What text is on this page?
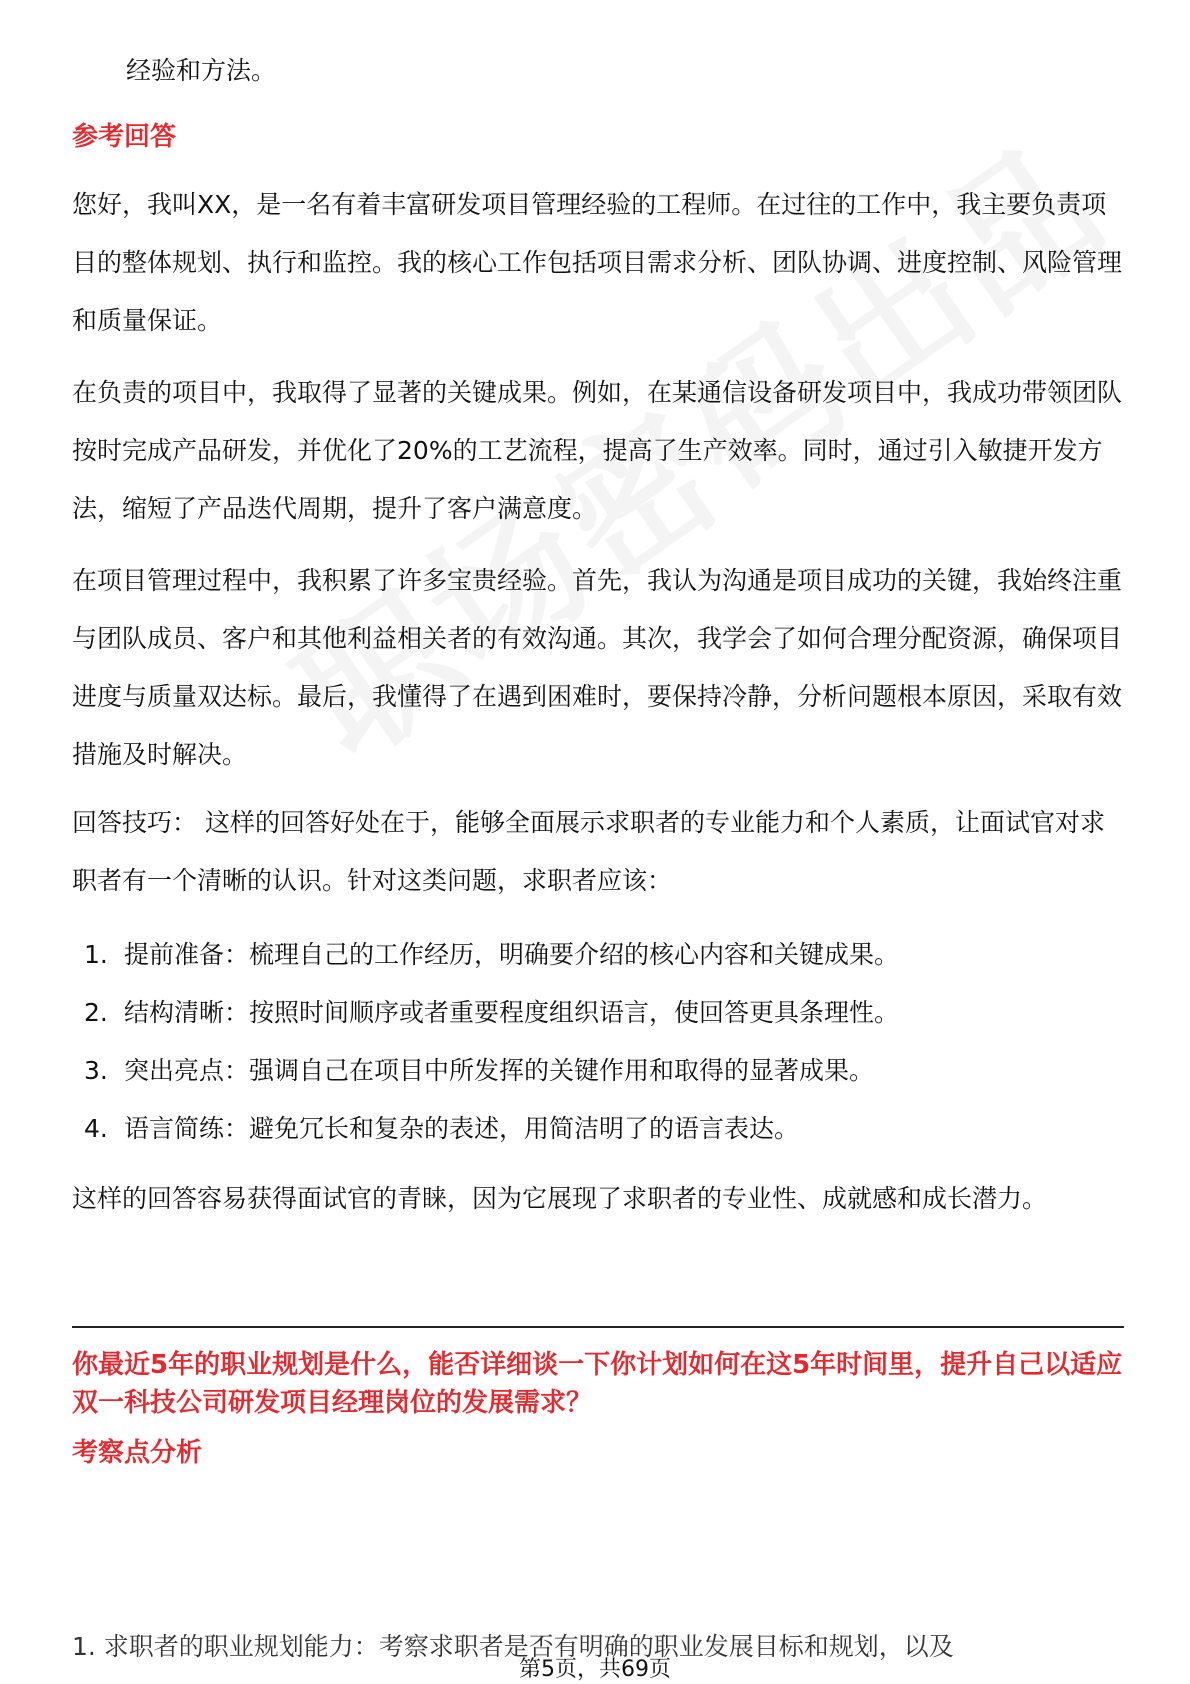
经验和方法。
参考回答

您好，我叫XX，是一名有着丰富研发项目管理经验的工程师。在过往的工作中，我主要负责项目的整体规划、执行和监控。我的核心工作包括项目需求分析、团队协调、进度控制、风险管理和质量保证。

在负责的项目中，我取得了显著的关键成果。例如，在某通信设备研发项目中，我成功带领团队按时完成产品研发，并优化了20%的工艺流程，提高了生产效率。同时，通过引入敏捷开发方法，缩短了产品迭代周期，提升了客户满意度。

在项目管理过程中，我积累了许多宝贵经验。首先，我认为沟通是项目成功的关键，我始终注重与团队成员、客户和其他利益相关者的有效沟通。其次，我学会了如何合理分配资源，确保项目进度与质量双达标。最后，我懂得了在遇到困难时，要保持冷静，分析问题根本原因，采取有效措施及时解决。

回答技巧： 这样的回答好处在于，能够全面展示求职者的专业能力和个人素质，让面试官对求职者有一个清晰的认识。针对这类问题，求职者应该：

1. 提前准备：梳理自己的工作经历，明确要介绍的核心内容和关键成果。
2. 结构清晰：按照时间顺序或者重要程度组织语言，使回答更具条理性。
3. 突出亮点：强调自己在项目中所发挥的关键作用和取得的显著成果。
4. 语言简练：避免冗长和复杂的表述，用简洁明了的语言表达。

这样的回答容易获得面试官的青睐，因为它展现了求职者的专业性、成就感和成长潜力。

你最近5年的职业规划是什么，能否详细谈一下你计划如何在这5年时间里，提升自己以适应双一科技公司研发项目经理岗位的发展需求？
考察点分析
1. 求职者的职业规划能力：考察求职者是否有明确的职业发展目标和规划，以及
第5页，共69页
